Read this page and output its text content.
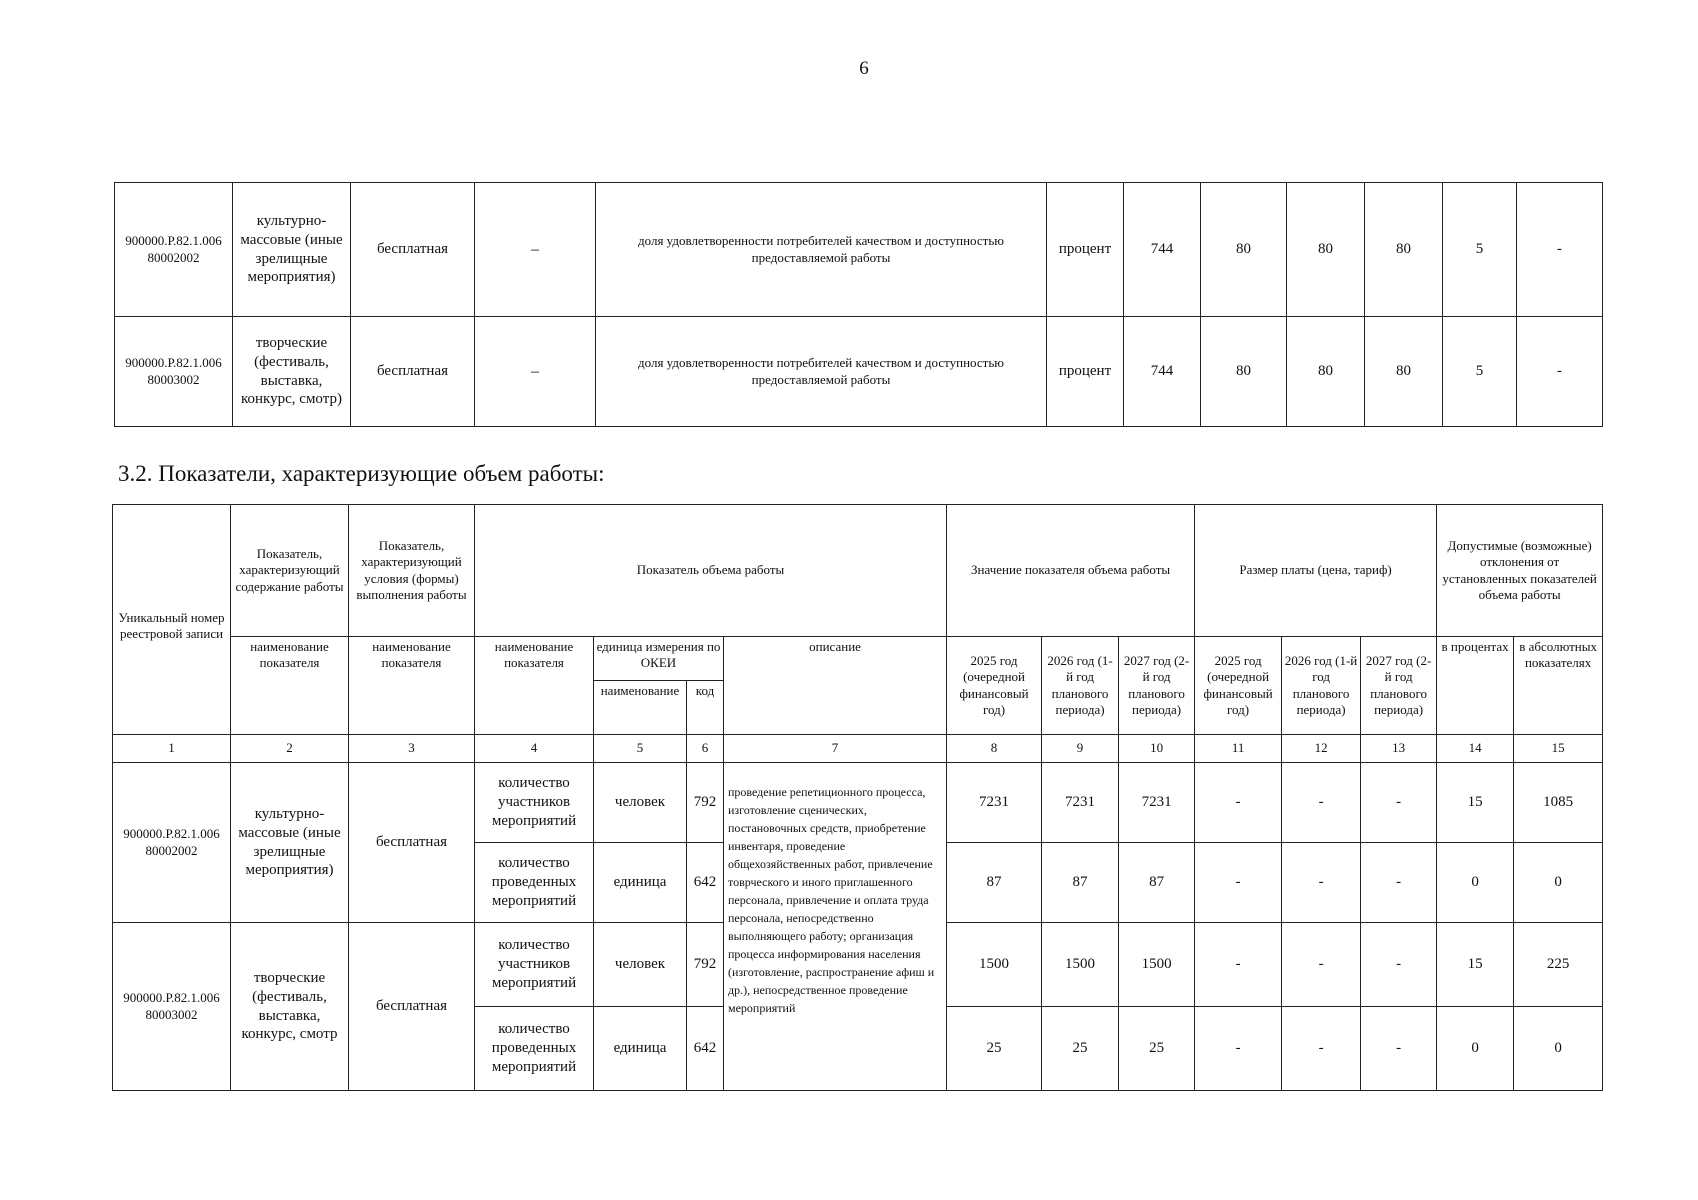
6
900000.Р.82.1.006 80002002	культурно-массовые (иные зрелищные мероприятия)	бесплатная	–	доля удовлетворенности потребителей качеством и доступностью предоставляемой работы	процент	744	80	80	80	5	-
900000.Р.82.1.006 80003002	творческие (фестиваль, выставка, конкурс, смотр)	бесплатная	–	доля удовлетворенности потребителей качеством и доступностью предоставляемой работы	процент	744	80	80	80	5	-
3.2. Показатели, характеризующие объем работы:
Уникальный номер реестровой записи	Показатель, характеризующий содержание работы	Показатель, характеризующий условия (формы) выполнения работы	Показатель объема работы				Значение показателя объема работы			Размер платы (цена, тариф)			Допустимые (возможные) отклонения от установленных показателей объема работы	
	наименование показателя	наименование показателя	наименование показателя	единица измерения по ОКЕИ		описание	2025 год (очередной финансовый год)	2026 год (1-й год планового периода)	2027 год (2-й год планового периода)	2025 год (очередной финансовый год)	2026 год (1-й год планового периода)	2027 год (2-й год планового периода)	в процентах	в абсолютных показателях
				наименование	код									
1	2	3	4	5	6	7	8	9	10	11	12	13	14	15
900000.Р.82.1.006 80002002	культурно-массовые (иные зрелищные мероприятия)	бесплатная	количество участников мероприятий	человек	792	проведение репетиционного процесса, изготовление сценических, постановочных средств, приобретение инвентаря, проведение общехозяйственных работ, привлечение товрческого и иного приглашенного персонала, привлечение и оплата труда персонала, непосредственно выполняющего работу; организация процесса информирования населения (изготовление, распространение афиш и др.), непосредственное проведение мероприятий	7231	7231	7231	-	-	-	15	1085
			количество проведенных мероприятий	единица	642		87	87	87	-	-	-	0	0
900000.Р.82.1.006 80003002	творческие (фестиваль, выставка, конкурс, смотр	бесплатная	количество участников мероприятий	человек	792		1500	1500	1500	-	-	-	15	225
			количество проведенных мероприятий	единица	642		25	25	25	-	-	-	0	0
